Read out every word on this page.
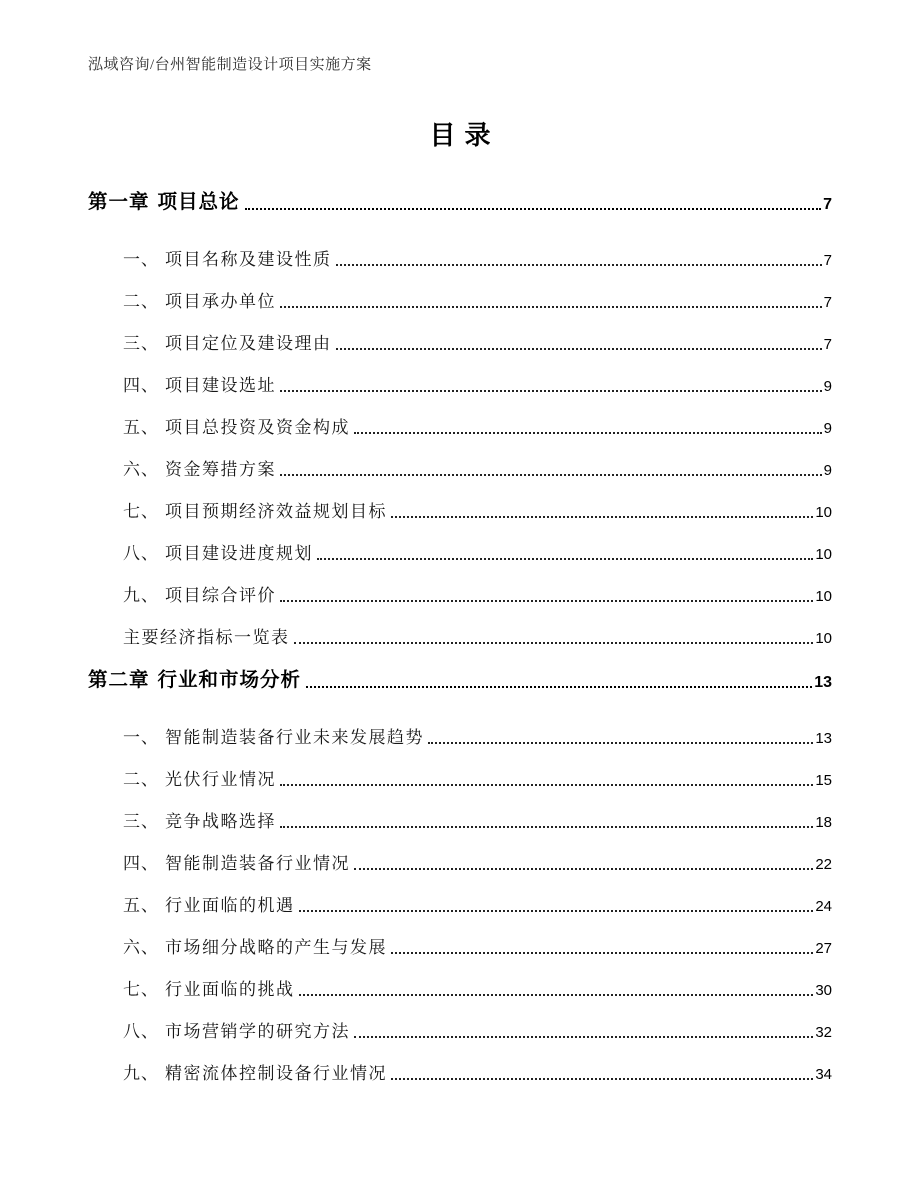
泓域咨询/台州智能制造设计项目实施方案
目录
第一章 项目总论	7
一、 项目名称及建设性质	7
二、 项目承办单位	7
三、 项目定位及建设理由	7
四、 项目建设选址	9
五、 项目总投资及资金构成	9
六、 资金筹措方案	9
七、 项目预期经济效益规划目标	10
八、 项目建设进度规划	10
九、 项目综合评价	10
主要经济指标一览表	10
第二章 行业和市场分析	13
一、 智能制造装备行业未来发展趋势	13
二、 光伏行业情况	15
三、 竞争战略选择	18
四、 智能制造装备行业情况	22
五、 行业面临的机遇	24
六、 市场细分战略的产生与发展	27
七、 行业面临的挑战	30
八、 市场营销学的研究方法	32
九、 精密流体控制设备行业情况	34
